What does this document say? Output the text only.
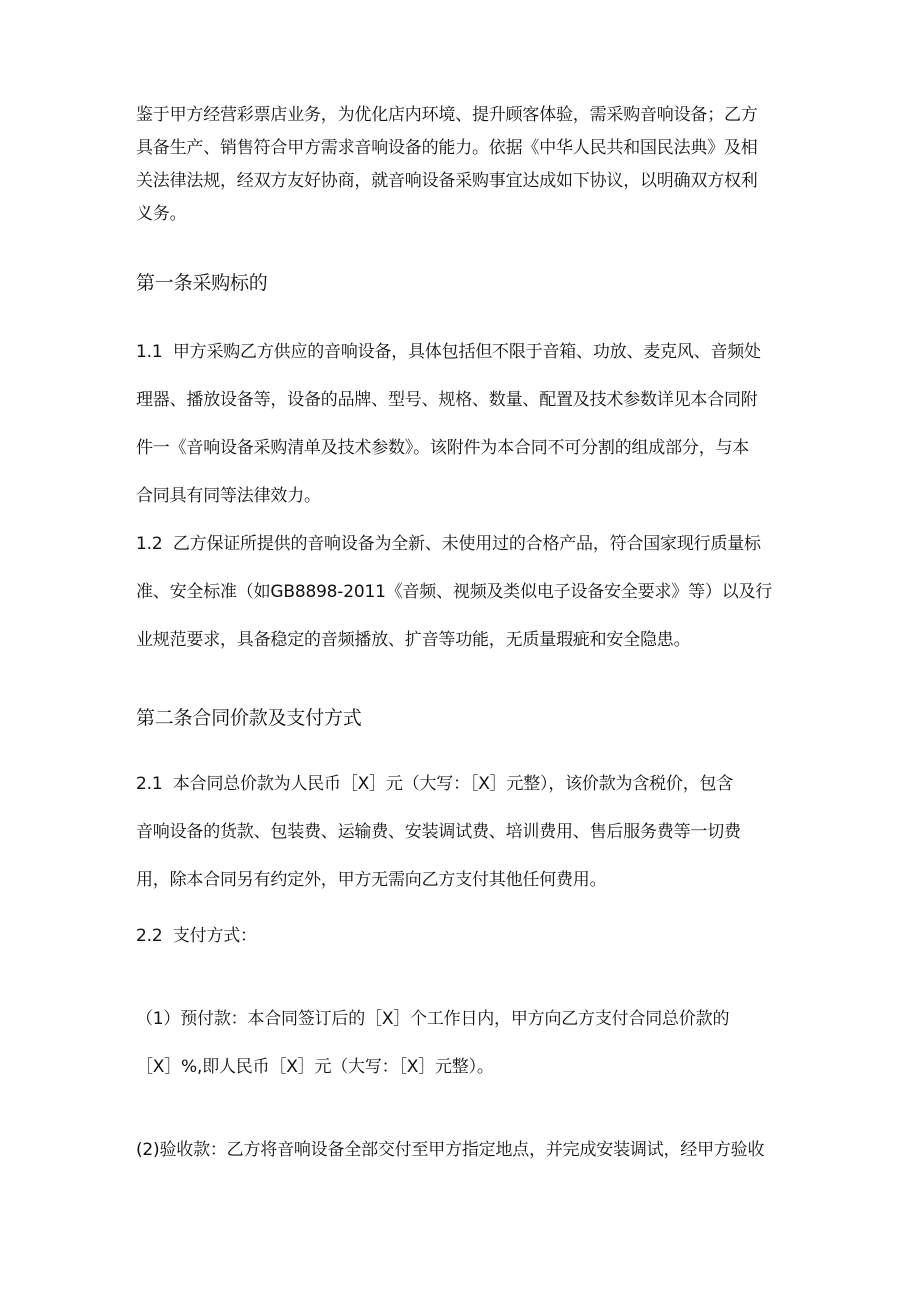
鉴于甲方经营彩票店业务，为优化店内环境、提升顾客体验，需采购音响设备；乙方
具备生产、销售符合甲方需求音响设备的能力。依据《中华人民共和国民法典》及相
关法律法规，经双方友好协商，就音响设备采购事宜达成如下协议，以明确双方权利
义务。
第一条采购标的
1.1  甲方采购乙方供应的音响设备，具体包括但不限于音箱、功放、麦克风、音频处
理器、播放设备等，设备的品牌、型号、规格、数量、配置及技术参数详见本合同附
件一《音响设备采购清单及技术参数》。该附件为本合同不可分割的组成部分，与本
合同具有同等法律效力。
1.2  乙方保证所提供的音响设备为全新、未使用过的合格产品，符合国家现行质量标
准、安全标准（如GB8898-2011《音频、视频及类似电子设备安全要求》等）以及行
业规范要求，具备稳定的音频播放、扩音等功能，无质量瑕疵和安全隐患。
第二条合同价款及支付方式
2.1  本合同总价款为人民币［X］元（大写：［X］元整），该价款为含税价，包含
音响设备的货款、包装费、运输费、安装调试费、培训费用、售后服务费等一切费
用，除本合同另有约定外，甲方无需向乙方支付其他任何费用。
2.2  支付方式：
（1）预付款：本合同签订后的［X］个工作日内，甲方向乙方支付合同总价款的
［X］%,即人民币［X］元（大写：［X］元整）。
(2)验收款：乙方将音响设备全部交付至甲方指定地点，并完成安装调试，经甲方验收
